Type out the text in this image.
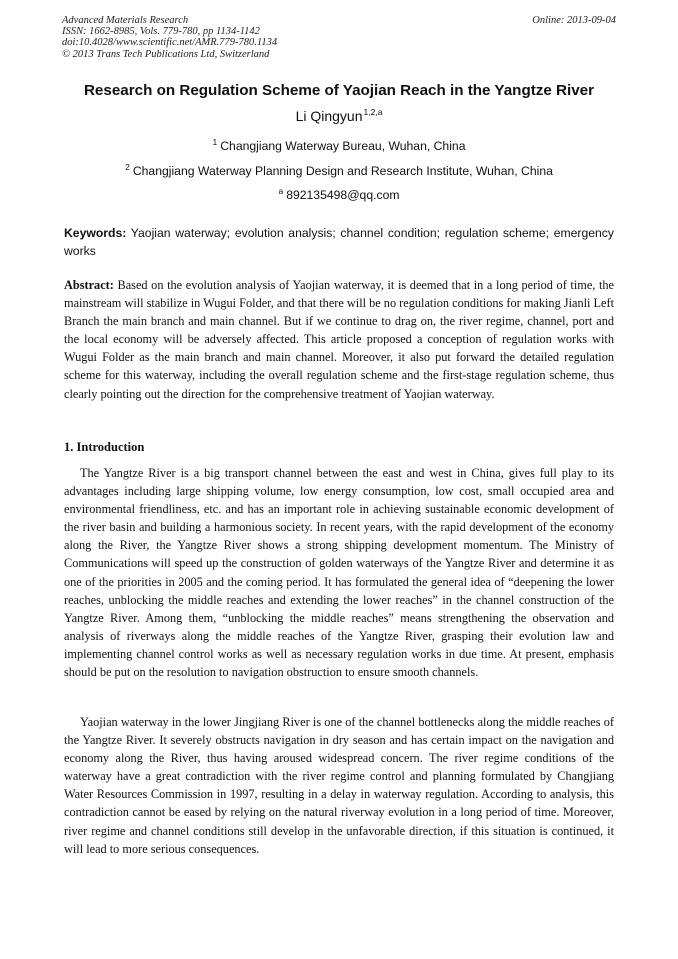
Advanced Materials Research
ISSN: 1662-8985, Vols. 779-780, pp 1134-1142
doi:10.4028/www.scientific.net/AMR.779-780.1134
© 2013 Trans Tech Publications Ltd, Switzerland
Online: 2013-09-04
Research on Regulation Scheme of Yaojian Reach in the Yangtze River
Li Qingyun$^{1,2,a}$
$^1$ Changjiang Waterway Bureau, Wuhan, China
$^2$ Changjiang Waterway Planning Design and Research Institute, Wuhan, China
$^a$ 892135498@qq.com
Keywords: Yaojian waterway; evolution analysis; channel condition; regulation scheme; emergency works
Abstract: Based on the evolution analysis of Yaojian waterway, it is deemed that in a long period of time, the mainstream will stabilize in Wugui Folder, and that there will be no regulation conditions for making Jianli Left Branch the main branch and main channel. But if we continue to drag on, the river regime, channel, port and the local economy will be adversely affected. This article proposed a conception of regulation works with Wugui Folder as the main branch and main channel. Moreover, it also put forward the detailed regulation scheme for this waterway, including the overall regulation scheme and the first-stage regulation scheme, thus clearly pointing out the direction for the comprehensive treatment of Yaojian waterway.
1. Introduction
The Yangtze River is a big transport channel between the east and west in China, gives full play to its advantages including large shipping volume, low energy consumption, low cost, small occupied area and environmental friendliness, etc. and has an important role in achieving sustainable economic development of the river basin and building a harmonious society. In recent years, with the rapid development of the economy along the River, the Yangtze River shows a strong shipping development momentum. The Ministry of Communications will speed up the construction of golden waterways of the Yangtze River and determine it as one of the priorities in 2005 and the coming period. It has formulated the general idea of “deepening the lower reaches, unblocking the middle reaches and extending the lower reaches” in the channel construction of the Yangtze River. Among them, “unblocking the middle reaches” means strengthening the observation and analysis of riverways along the middle reaches of the Yangtze River, grasping their evolution law and implementing channel control works as well as necessary regulation works in due time. At present, emphasis should be put on the resolution to navigation obstruction to ensure smooth channels.
Yaojian waterway in the lower Jingjiang River is one of the channel bottlenecks along the middle reaches of the Yangtze River. It severely obstructs navigation in dry season and has certain impact on the navigation and economy along the River, thus having aroused widespread concern. The river regime conditions of the waterway have a great contradiction with the river regime control and planning formulated by Changjiang Water Resources Commission in 1997, resulting in a delay in waterway regulation. According to analysis, this contradiction cannot be eased by relying on the natural riverway evolution in a long period of time. Moreover, river regime and channel conditions still develop in the unfavorable direction, if this situation is continued, it will lead to more serious consequences.
